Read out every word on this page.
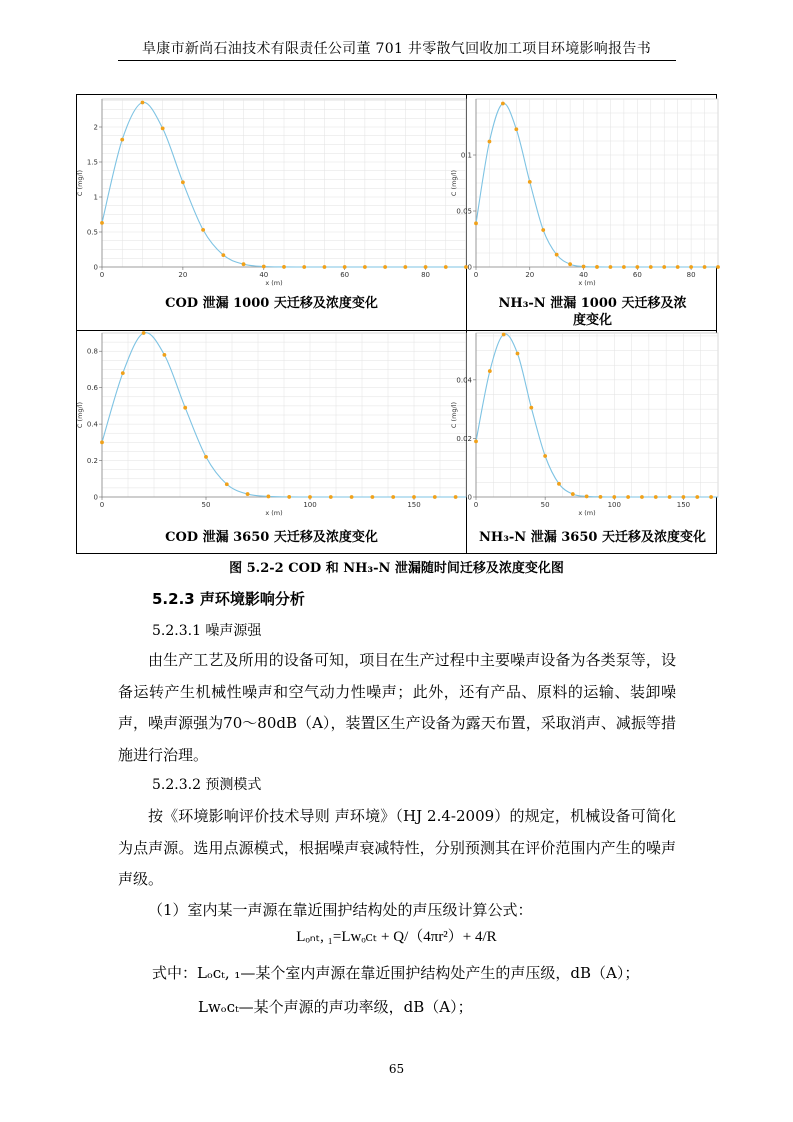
阜康市新尚石油技术有限责任公司董 701 井零散气回收加工项目环境影响报告书
0	20	40	60	80
0
0.5
1
1.5
2
x (m)
C (mg/l)
COD 泄漏 1000 天迁移及浓度变化
0	20	40	60	80
0
0.05
0.1
x (m)
C (mg/l)
NH₃-N 泄漏 1000 天迁移及浓
度变化
0	50	100	150
0
0.2
0.4
0.6
0.8
x (m)
C (mg/l)
COD 泄漏 3650 天迁移及浓度变化
0	50	100	150
0
0.02
0.04
x (m)
C (mg/l)
NH₃-N 泄漏 3650 天迁移及浓度变化
图 5.2-2 COD 和 NH₃-N 泄漏随时间迁移及浓度变化图
5.2.3 声环境影响分析
5.2.3.1 噪声源强
由生产工艺及所用的设备可知，项目在生产过程中主要噪声设备为各类泵等，设备运转产生机械性噪声和空气动力性噪声；此外，还有产品、原料的运输、装卸噪声，噪声源强为70～80dB（A），装置区生产设备为露天布置，采取消声、减振等措施进行治理。
5.2.3.2 预测模式
按《环境影响评价技术导则 声环境》（HJ 2.4-2009）的规定，机械设备可简化为点声源。选用点源模式，根据噪声衰减特性，分别预测其在评价范围内产生的噪声声级。
（1）室内某一声源在靠近围护结构处的声压级计算公式：
Lₒₙₜ, ₁=Lᴡₒᴄₜ + Q/（4πr²）+ 4/R
式中：Lₒᴄₜ, ₁—某个室内声源在靠近围护结构处产生的声压级，dB（A）；
Lᴡₒᴄₜ—某个声源的声功率级，dB（A）；
65
